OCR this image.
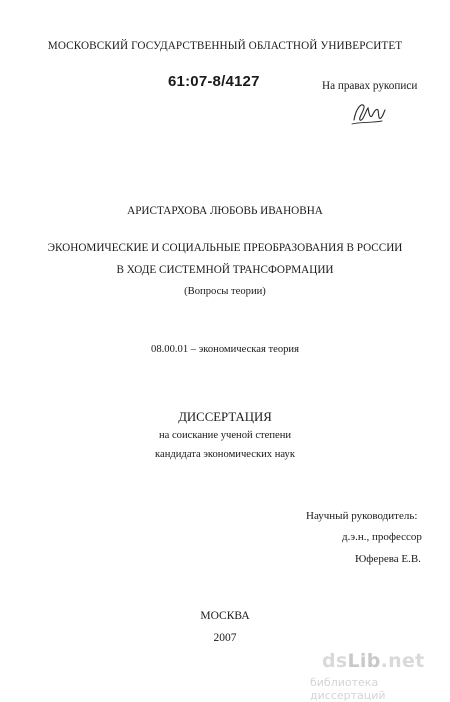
МОСКОВСКИЙ ГОСУДАРСТВЕННЫЙ ОБЛАСТНОЙ УНИВЕРСИТЕТ
61:07-8/4127	На правах рукописи
АРИСТАРХОВА ЛЮБОВЬ ИВАНОВНА
ЭКОНОМИЧЕСКИЕ И СОЦИАЛЬНЫЕ ПРЕОБРАЗОВАНИЯ В РОССИИ
В ХОДЕ СИСТЕМНОЙ ТРАНСФОРМАЦИИ
(Вопросы теории)
08.00.01 – экономическая теория
ДИССЕРТАЦИЯ
на соискание ученой степени
кандидата экономических наук
Научный руководитель:
д.э.н., профессор
Юферева Е.В.
МОСКВА
2007
dsLib.net
библиотека диссертаций
